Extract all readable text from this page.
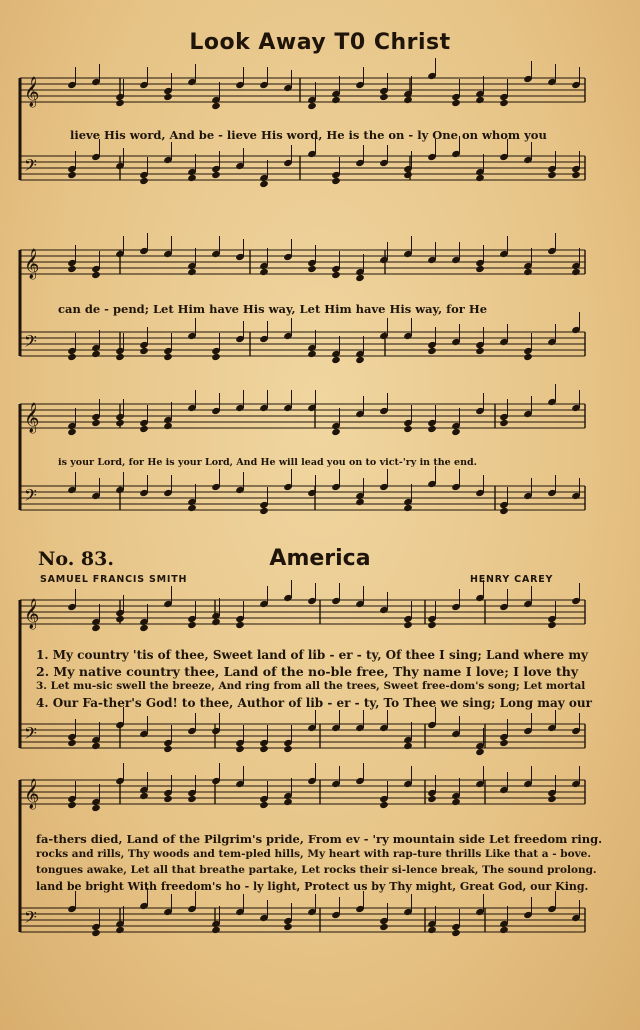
𝄞
𝄢
𝄞
𝄢
𝄞
𝄢
𝄞
𝄢
𝄞
𝄢
Look Away T0 Christ
lieve His word, And be - lieve His word, He is the on - ly One on whom you
can de - pend; Let Him have His way, Let Him have His way, for He
is your Lord, for He is your Lord, And He will lead you on to vict-'ry in the end.
No. 83.	America
SAMUEL FRANCIS SMITH	HENRY CAREY
1. My country 'tis of thee, Sweet land of lib - er - ty, Of thee I sing; Land where my
2. My native country thee, Land of the no-ble free, Thy name I love; I love thy
3. Let mu-sic swell the breeze, And ring from all the trees, Sweet free-dom's song; Let mortal
4. Our Fa-ther's God! to thee, Author of lib - er - ty, To Thee we sing; Long may our
fa-thers died, Land of the Pilgrim's pride, From ev - 'ry mountain side Let freedom ring.
rocks and rills, Thy woods and tem-pled hills, My heart with rap-ture thrills Like that a - bove.
tongues awake, Let all that breathe partake, Let rocks their si-lence break, The sound prolong.
land be bright With freedom's ho - ly light, Protect us by Thy might, Great God, our King.
